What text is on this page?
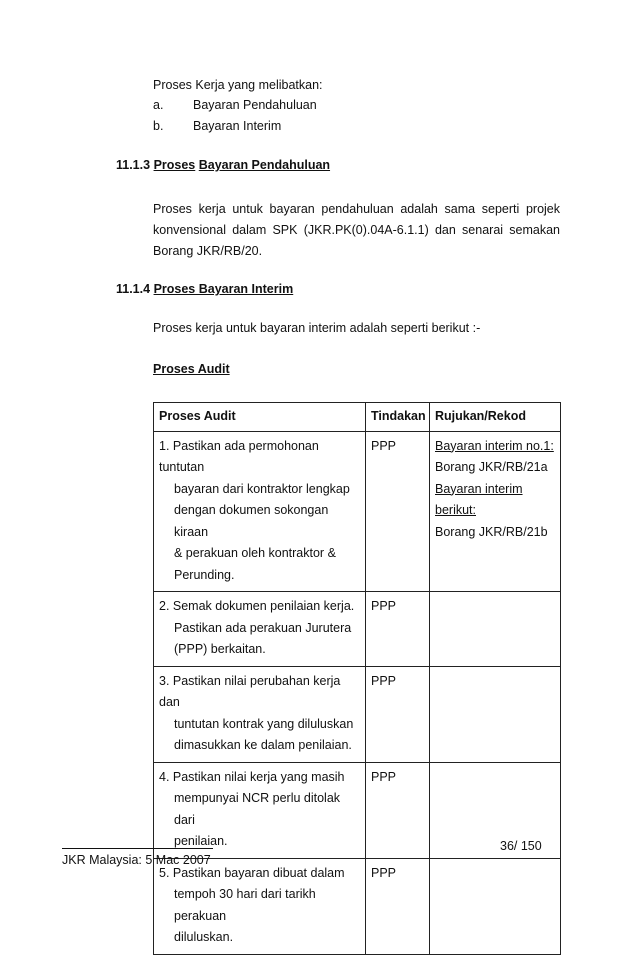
Proses Kerja yang melibatkan:
a. Bayaran Pendahuluan
b. Bayaran Interim
11.1.3 Proses Bayaran Pendahuluan
Proses kerja untuk bayaran pendahuluan adalah sama seperti projek konvensional dalam SPK (JKR.PK(0).04A-6.1.1) dan senarai semakan Borang JKR/RB/20.
11.1.4 Proses Bayaran Interim
Proses kerja untuk bayaran interim adalah seperti berikut :-
Proses Audit
Proses Audit	Tindakan	Rujukan/Rekod

1. Pastikan ada permohonan tuntutan
bayaran dari kontraktor lengkap
dengan dokumen sokongan kiraan
& perakuan oleh kontraktor &
Perunding.	PPP	Bayaran interim no.1:
Borang JKR/RB/21a
Bayaran interim
berikut:
Borang JKR/RB/21b

2. Semak dokumen penilaian kerja.
Pastikan ada perakuan Jurutera
(PPP) berkaitan.	PPP	

3. Pastikan nilai perubahan kerja dan
tuntutan kontrak yang diluluskan
dimasukkan ke dalam penilaian.	PPP	

4. Pastikan nilai kerja yang masih
mempunyai NCR perlu ditolak dari
penilaian.	PPP	

5. Pastikan bayaran dibuat dalam
tempoh 30 hari dari tarikh perakuan
diluluskan.	PPP	
36/ 150
JKR Malaysia: 5 Mac 2007
